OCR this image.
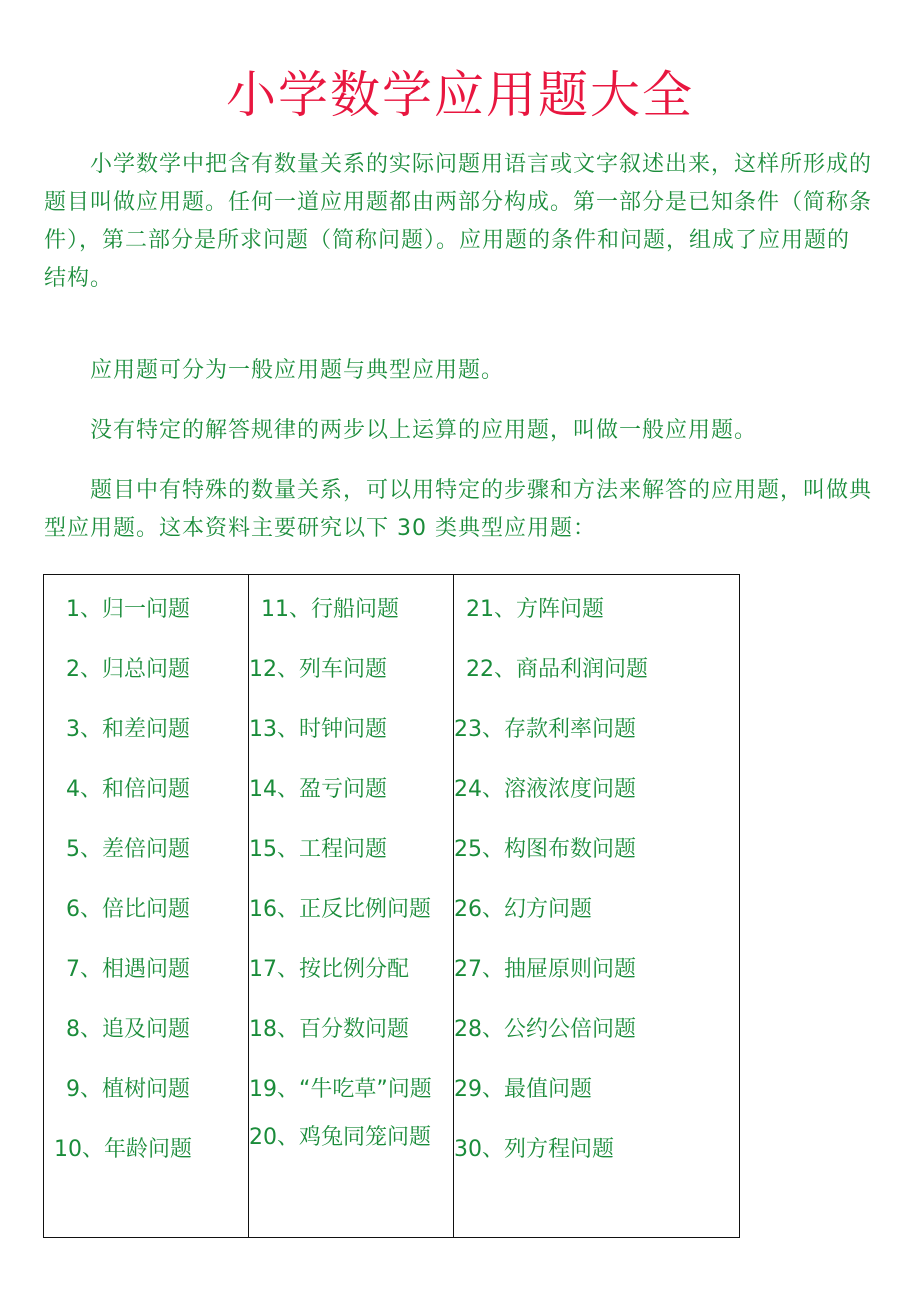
小学数学应用题大全

小学数学中把含有数量关系的实际问题用语言或文字叙述出来，这样所形成的题目叫做应用题。任何一道应用题都由两部分构成。第一部分是已知条件（简称条件），第二部分是所求问题（简称问题）。应用题的条件和问题，组成了应用题的结构。

应用题可分为一般应用题与典型应用题。

没有特定的解答规律的两步以上运算的应用题，叫做一般应用题。

题目中有特殊的数量关系，可以用特定的步骤和方法来解答的应用题，叫做典型应用题。这本资料主要研究以下 30 类典型应用题：

1、归一问题
2、归总问题
3、和差问题
4、和倍问题
5、差倍问题
6、倍比问题
7、相遇问题
8、追及问题
9、植树问题
10、年龄问题
11、行船问题
12、列车问题
13、时钟问题
14、盈亏问题
15、工程问题
16、正反比例问题
17、按比例分配
18、百分数问题
19、“牛吃草”问题
20、鸡兔同笼问题
21、方阵问题
22、商品利润问题
23、存款利率问题
24、溶液浓度问题
25、构图布数问题
26、幻方问题
27、抽屉原则问题
28、公约公倍问题
29、最值问题
30、列方程问题
